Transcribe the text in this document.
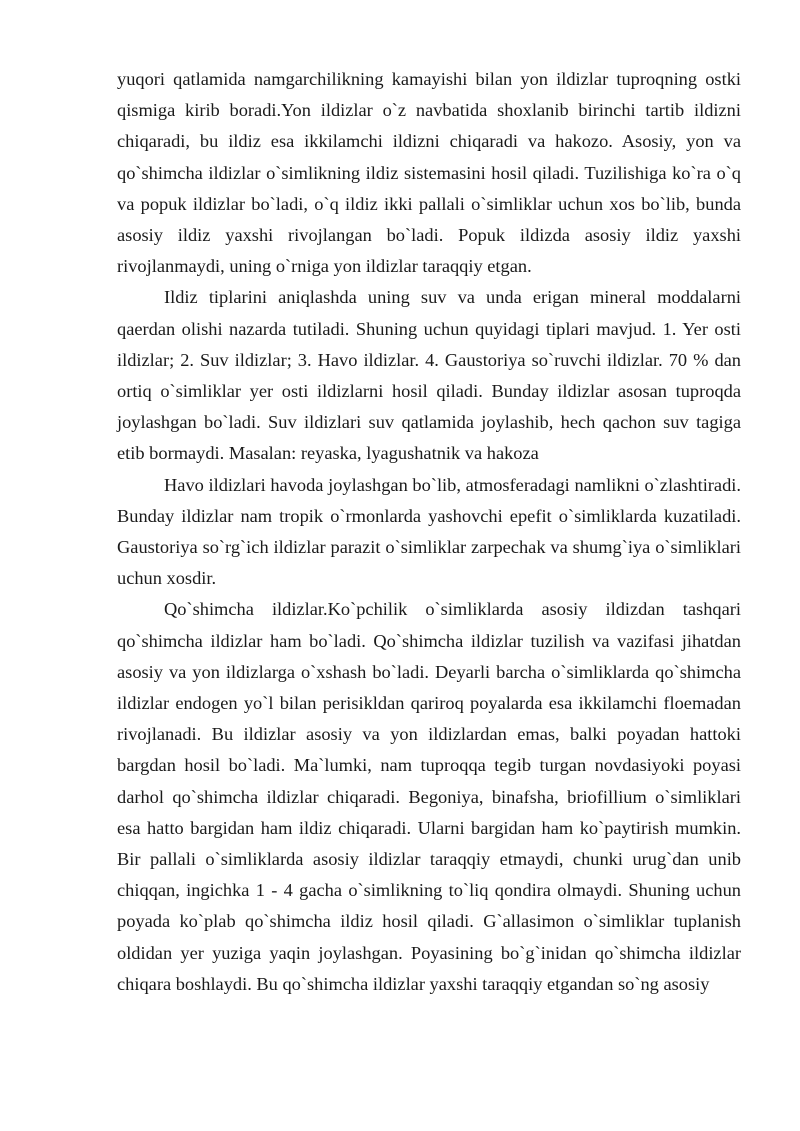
yuqori qatlamida namgarchilikning kamayishi bilan yon ildizlar tuproqning ostki qismiga kirib boradi.Yon ildizlar o`z navbatida shoxlanib birinchi tartib ildizni chiqaradi, bu ildiz esa ikkilamchi ildizni chiqaradi va hakozo. Asosiy, yon va qo`shimcha ildizlar o`simlikning ildiz sistemasini hosil qiladi. Tuzilishiga ko`ra o`q va popuk ildizlar bo`ladi, o`q ildiz ikki pallali o`simliklar uchun xos bo`lib, bunda asosiy ildiz yaxshi rivojlangan bo`ladi. Popuk ildizda asosiy ildiz yaxshi rivojlanmaydi, uning o`rniga yon ildizlar taraqqiy etgan.

Ildiz tiplarini aniqlashda uning suv va unda erigan mineral moddalarni qaerdan olishi nazarda tutiladi. Shuning uchun quyidagi tiplari mavjud. 1. Yer osti ildizlar; 2. Suv ildizlar; 3. Havo ildizlar. 4. Gaustoriya so`ruvchi ildizlar. 70 % dan ortiq o`simliklar yer osti ildizlarni hosil qiladi. Bunday ildizlar asosan tuproqda joylashgan bo`ladi. Suv ildizlari suv qatlamida joylashib, hech qachon suv tagiga etib bormaydi. Masalan: reyaska, lyagushatnik va hakoza

Havo ildizlari havoda joylashgan bo`lib, atmosferadagi namlikni o`zlashtiradi. Bunday ildizlar nam tropik o`rmonlarda yashovchi epefit o`simliklarda kuzatiladi. Gaustoriya so`rg`ich ildizlar parazit o`simliklar zarpechak va shumg`iya o`simliklari uchun xosdir.

Qo`shimcha ildizlar.Ko`pchilik o`simliklarda asosiy ildizdan tashqari qo`shimcha ildizlar ham bo`ladi. Qo`shimcha ildizlar tuzilish va vazifasi jihatdan asosiy va yon ildizlarga o`xshash bo`ladi. Deyarli barcha o`simliklarda qo`shimcha ildizlar endogen yo`l bilan perisikldan qariroq poyalarda esa ikkilamchi floemadan rivojlanadi. Bu ildizlar asosiy va yon ildizlardan emas, balki poyadan hattoki bargdan hosil bo`ladi. Ma`lumki, nam tuproqqa tegib turgan novdasiyoki poyasi darhol qo`shimcha ildizlar chiqaradi. Begoniya, binafsha, briofillium o`simliklari esa hatto bargidan ham ildiz chiqaradi. Ularni bargidan ham ko`paytirish mumkin. Bir pallali o`simliklarda asosiy ildizlar taraqqiy etmaydi, chunki urug`dan unib chiqqan, ingichka 1 - 4 gacha o`simlikning to`liq qondira olmaydi. Shuning uchun poyada ko`plab qo`shimcha ildiz hosil qiladi. G`allasimon o`simliklar tuplanish oldidan yer yuziga yaqin joylashgan. Poyasining bo`g`inidan qo`shimcha ildizlar chiqara boshlaydi. Bu qo`shimcha ildizlar yaxshi taraqqiy etgandan so`ng asosiy
